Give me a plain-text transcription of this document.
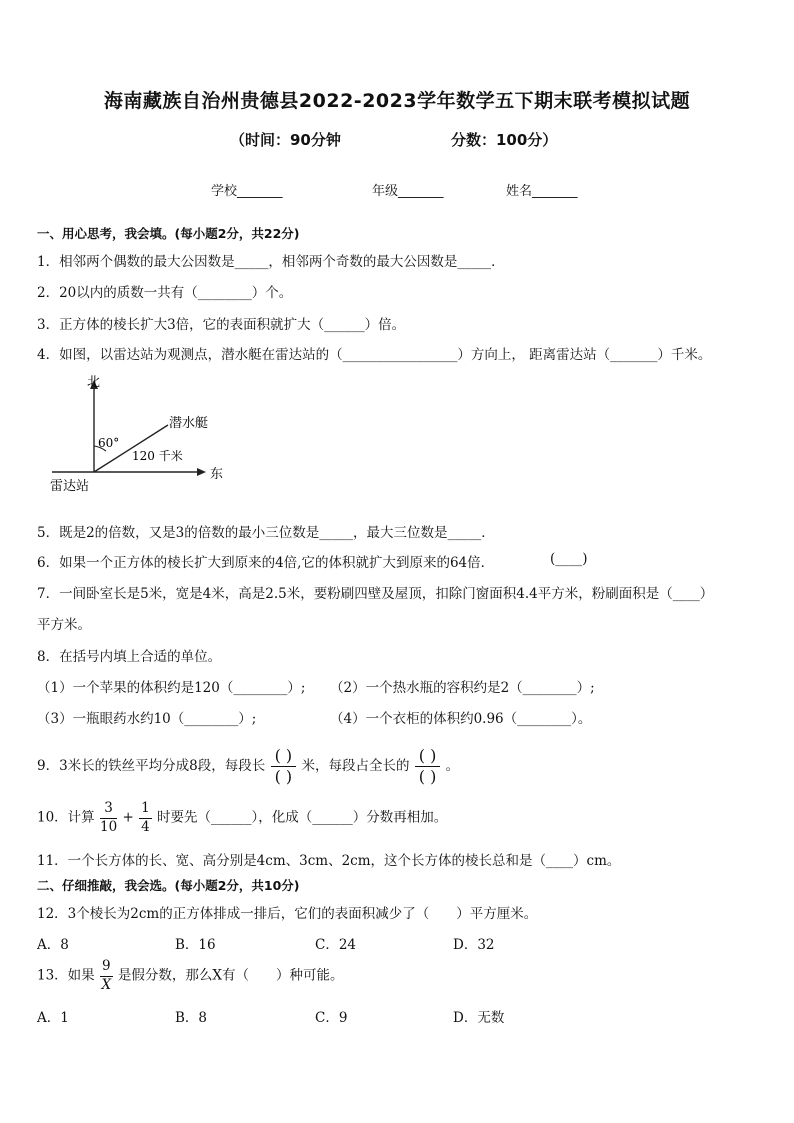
海南藏族自治州贵德县2022-2023学年数学五下期末联考模拟试题
（时间：90分钟	分数：100分）
学校_______	年级_______	姓名_______
一、用心思考，我会填。(每小题2分，共22分)
1．相邻两个偶数的最大公因数是_____，相邻两个奇数的最大公因数是_____．
2．20以内的质数一共有（________）个。
3．正方体的棱长扩大3倍，它的表面积就扩大（______）倍。
4．如图，以雷达站为观测点，潜水艇在雷达站的（_________________）方向上， 距离雷达站（_______）千米。
北
东
雷达站
潜水艇
60°
120 千米
5．既是2的倍数，又是3的倍数的最小三位数是_____，最大三位数是_____．
6．如果一个正方体的棱长扩大到原来的4倍,它的体积就扩大到原来的64倍．	(____)
7．一间卧室长是5米，宽是4米，高是2.5米，要粉刷四壁及屋顶，扣除门窗面积4.4平方米，粉刷面积是（____）
平方米。
8．在括号内填上合适的单位。
（1）一个苹果的体积约是120（________）; （2）一个热水瓶的容积约是2（________）;
（3）一瓶眼药水约10（________）;	（4）一个衣柜的体积约0.96（________）。
9．3米长的铁丝平均分成8段，每段长 $\frac{( )}{( )}$ 米，每段占全长的 $\frac{( )}{( )}$ 。
10．计算 $\frac{3}{10} + \frac{1}{4}$ 时要先（______），化成（______）分数再相加。
11．一个长方体的长、宽、高分别是4cm、3cm、2cm，这个长方体的棱长总和是（____）cm。
二、仔细推敲，我会选。(每小题2分，共10分)
12．3个棱长为2cm的正方体排成一排后，它们的表面积减少了（　　）平方厘米。
A．8	B．16	C．24	D．32
13．如果 $\frac{9}{X}$ 是假分数，那么X有（　　）种可能。
A．1	B．8	C．9	D．无数
